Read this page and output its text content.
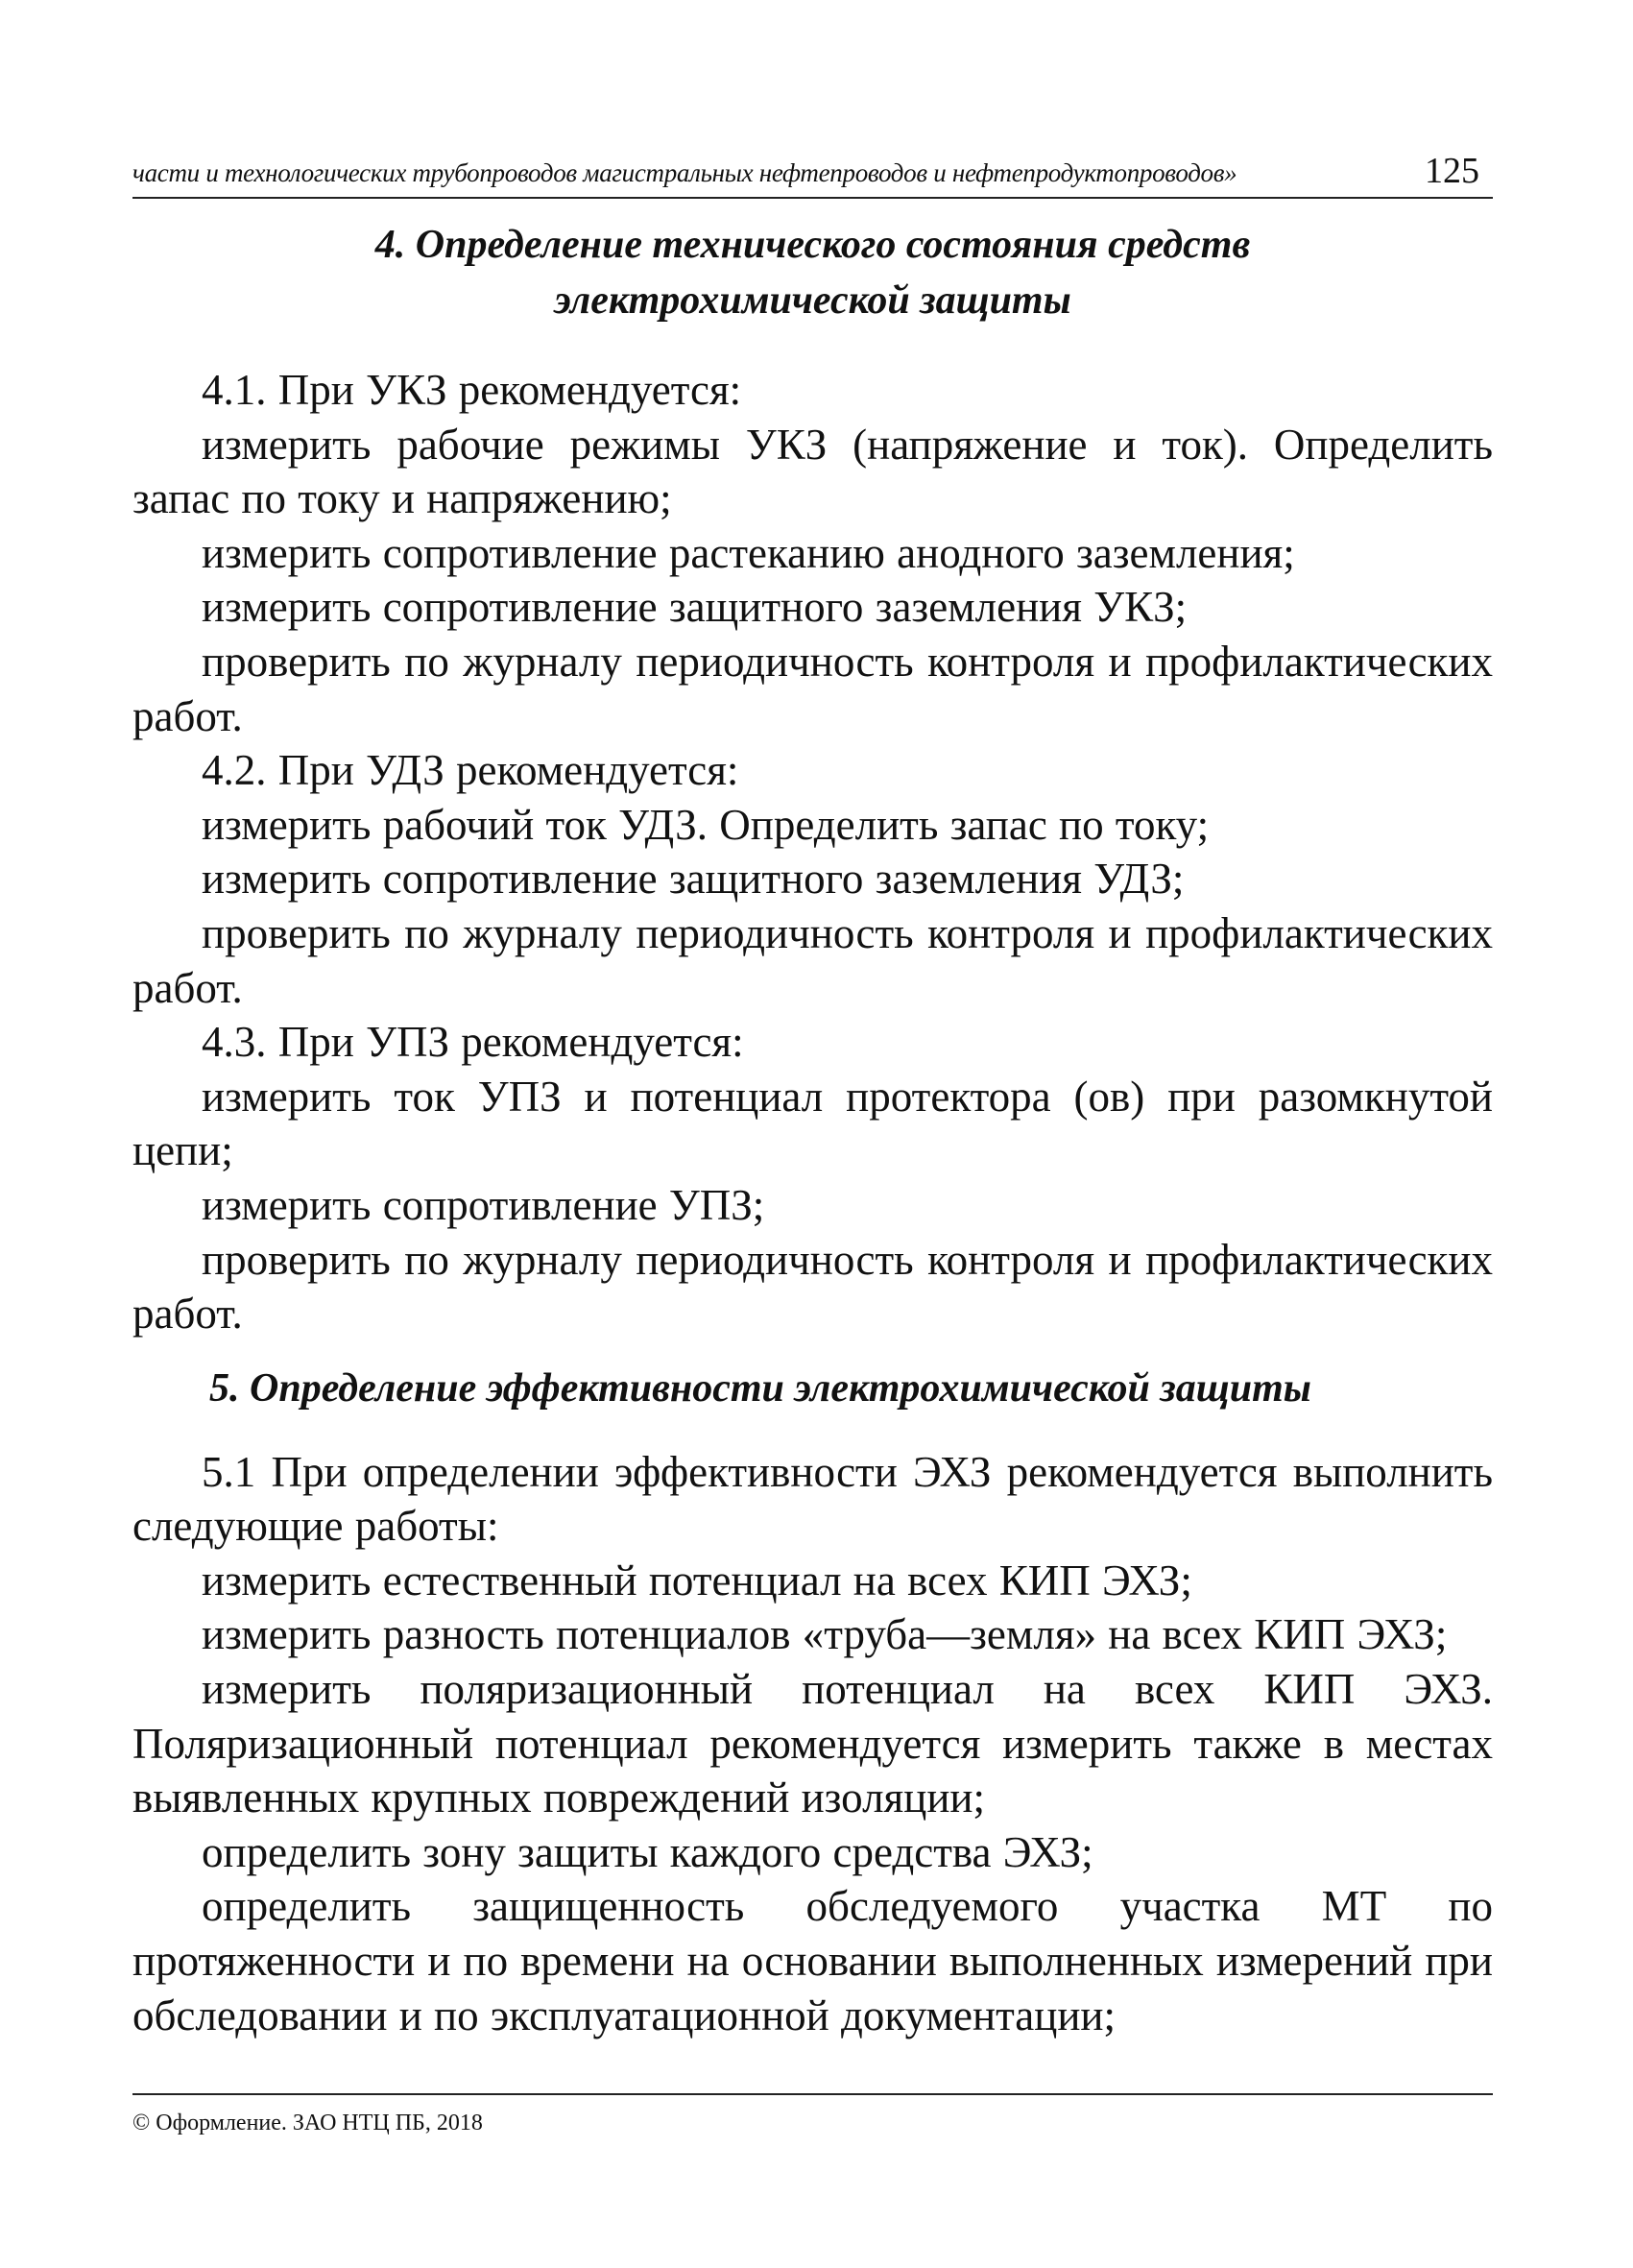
части и технологических трубопроводов магистральных нефтепроводов и нефтепродуктопроводов»	125
4. Определение технического состояния средств
электрохимической защиты

4.1. При УКЗ рекомендуется:

измерить рабочие режимы УКЗ (напряжение и ток). Определить запас по току и напряжению;

измерить сопротивление растеканию анодного заземления;

измерить сопротивление защитного заземления УКЗ;

проверить по журналу периодичность контроля и профилактических работ.

4.2. При УДЗ рекомендуется:

измерить рабочий ток УДЗ. Определить запас по току;

измерить сопротивление защитного заземления УДЗ;

проверить по журналу периодичность контроля и профилактических работ.

4.3. При УПЗ рекомендуется:

измерить ток УПЗ и потенциал протектора (ов) при разомкнутой цепи;

измерить сопротивление УПЗ;

проверить по журналу периодичность контроля и профилактических работ.

5. Определение эффективности электрохимической защиты

5.1 При определении эффективности ЭХЗ рекомендуется выполнить следующие работы:

измерить естественный потенциал на всех КИП ЭХЗ;

измерить разность потенциалов «труба—земля» на всех КИП ЭХЗ;

измерить поляризационный потенциал на всех КИП ЭХЗ. Поляризационный потенциал рекомендуется измерить также в местах выявленных крупных повреждений изоляции;

определить зону защиты каждого средства ЭХЗ;

определить защищенность обследуемого участка МТ по протяженности и по времени на основании выполненных измерений при обследовании и по эксплуатационной документации;

© Оформление. ЗАО НТЦ ПБ, 2018
